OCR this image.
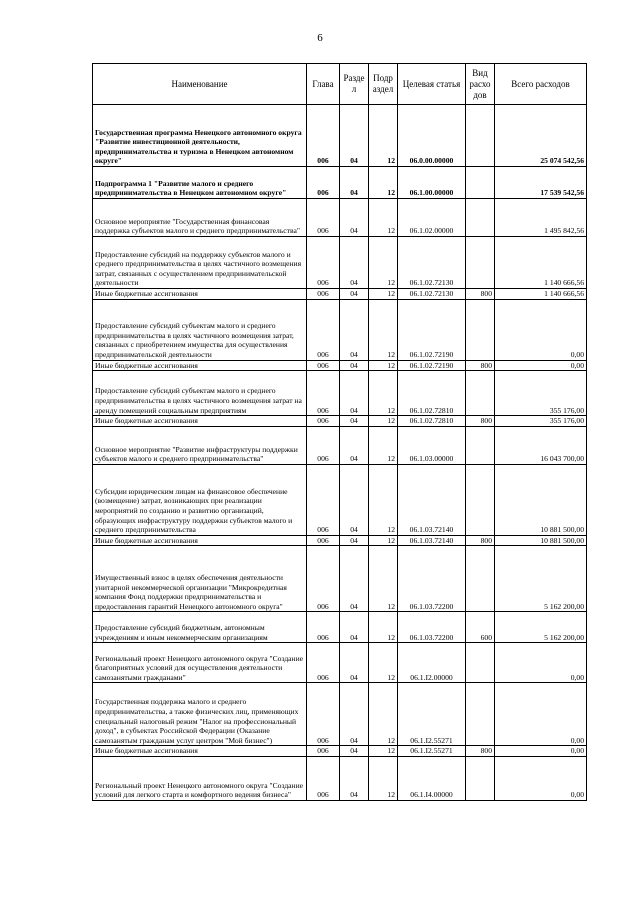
6
Наименование	Глава	Разде л	Подр аздел	Целевая статья	Вид расхо дов	Всего расходов
Государственная программа Ненецкого автономного округа "Развитие инвестиционной деятельности, предпринимательства и туризма в Ненецком автономном округе"	006	04	12	06.0.00.00000		25 074 542,56
Подпрограмма 1 "Развитие малого и среднего предпринимательства в Ненецком автономном округе"	006	04	12	06.1.00.00000		17 539 542,56
Основное мероприятие "Государственная финансовая поддержка субъектов малого и среднего предпринимательства"	006	04	12	06.1.02.00000		1 495 842,56
Предоставление субсидий на поддержку субъектов малого и среднего предпринимательства в целях частичного возмещения затрат, связанных с осуществлением предпринимательской деятельности	006	04	12	06.1.02.72130		1 140 666,56
Иные бюджетные ассигнования	006	04	12	06.1.02.72130	800	1 140 666,56
Предоставление субсидий субъектам малого и среднего предпринимательства в целях частичного возмещения затрат, связанных с приобретением имущества для осуществления предпринимательской деятельности	006	04	12	06.1.02.72190		0,00
Иные бюджетные ассигнования	006	04	12	06.1.02.72190	800	0,00
Предоставление субсидий субъектам малого и среднего предпринимательства в целях частичного возмещения затрат на аренду помещений социальным предприятиям	006	04	12	06.1.02.72810		355 176,00
Иные бюджетные ассигнования	006	04	12	06.1.02.72810	800	355 176,00
Основное мероприятие "Развитие инфраструктуры поддержки субъектов малого и среднего предпринимательства"	006	04	12	06.1.03.00000		16 043 700,00
Субсидии юридическим лицам на финансовое обеспечение (возмещение) затрат, возникающих при реализации мероприятий по созданию и развитию организаций, образующих инфраструктуру поддержки субъектов малого и среднего предпринимательства	006	04	12	06.1.03.72140		10 881 500,00
Иные бюджетные ассигнования	006	04	12	06.1.03.72140	800	10 881 500,00
Имущественный взнос в целях обеспечения деятельности унитарной некоммерческой организации "Микрокредитная компания Фонд поддержки предпринимательства и предоставления гарантий Ненецкого автономного округа"	006	04	12	06.1.03.72200		5 162 200,00
Предоставление субсидий бюджетным, автономным учреждениям и иным некоммерческим организациям	006	04	12	06.1.03.72200	600	5 162 200,00
Региональный проект Ненецкого автономного округа "Создание благоприятных условий для осуществления деятельности самозанятыми гражданами"	006	04	12	06.1.I2.00000		0,00
Государственная поддержка малого и среднего предпринимательства, а также физических лиц, применяющих специальный налоговый режим "Налог на профессиональный доход", в субъектах Российской Федерации (Оказание самозанятым гражданам услуг центром "Мой бизнес")	006	04	12	06.1.I2.55271		0,00
Иные бюджетные ассигнования	006	04	12	06.1.I2.55271	800	0,00
Региональный проект Ненецкого автономного округа "Создание условий для легкого старта и комфортного ведения бизнеса"	006	04	12	06.1.I4.00000		0,00
